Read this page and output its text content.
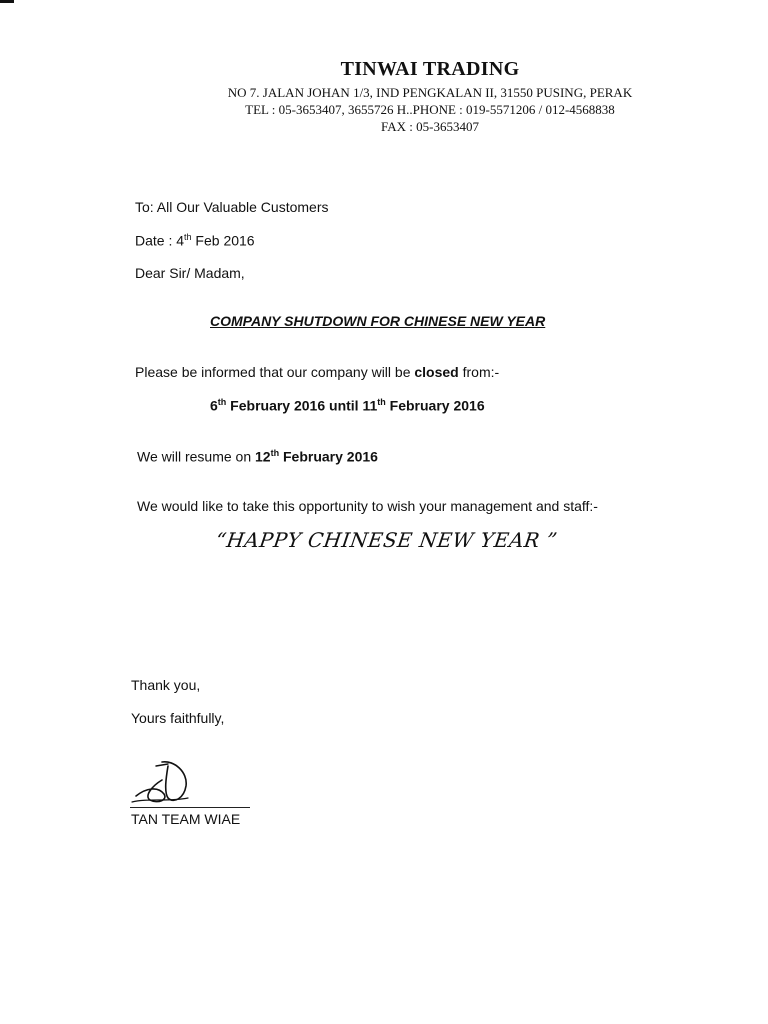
TINWAI TRADING
NO 7. JALAN JOHAN 1/3, IND PENGKALAN II, 31550 PUSING, PERAK
TEL : 05-3653407, 3655726 H..PHONE : 019-5571206 / 012-4568838
FAX : 05-3653407
To: All Our Valuable Customers
Date : 4th Feb 2016
Dear Sir/ Madam,
COMPANY SHUTDOWN FOR CHINESE NEW YEAR
Please be informed that our company will be closed from:-
6th February 2016 until 11th February 2016
We will resume on 12th February 2016
We would like to take this opportunity to wish your management and staff:-
“HAPPY CHINESE NEW YEAR ”
Thank you,
Yours faithfully,
TAN TEAM WIAE
